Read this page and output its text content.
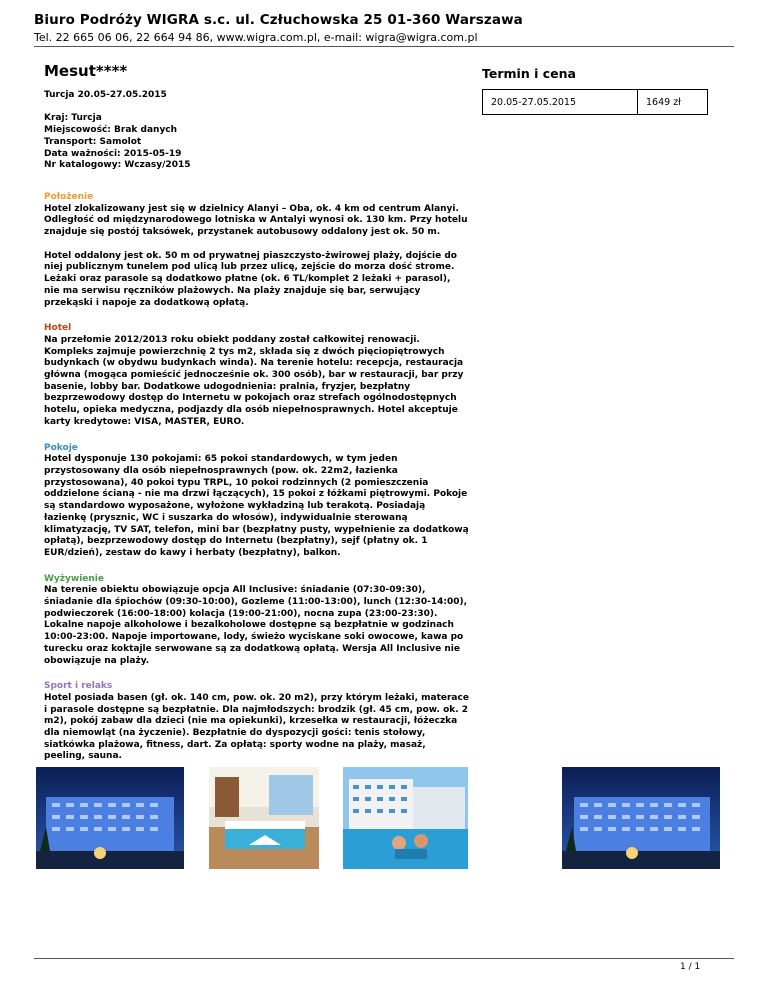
Biuro Podróży WIGRA s.c. ul. Człuchowska 25 01-360 Warszawa
Tel. 22 665 06 06, 22 664 94 86, www.wigra.com.pl, e-mail: wigra@wigra.com.pl
Mesut****
Turcja 20.05-27.05.2015
Kraj: Turcja
Miejscowość: Brak danych
Transport: Samolot
Data ważności: 2015-05-19
Nr katalogowy: Wczasy/2015
Położenie
Hotel zlokalizowany jest się w dzielnicy Alanyi – Oba, ok. 4 km od centrum Alanyi. Odległość od międzynarodowego lotniska w Antalyi wynosi ok. 130 km. Przy hotelu znajduje się postój taksówek, przystanek autobusowy oddalony jest ok. 50 m.
Hotel oddalony jest ok. 50 m od prywatnej piaszczysto-żwirowej plaży, dojście do niej publicznym tunelem pod ulicą lub przez ulicę, zejście do morza dość strome. Leżaki oraz parasole są dodatkowo płatne (ok. 6 TL/komplet 2 leżaki + parasol), nie ma serwisu ręczników plażowych. Na plaży znajduje się bar, serwujący przekąski i napoje za dodatkową opłatą.
Hotel
Na przełomie 2012/2013 roku obiekt poddany został całkowitej renowacji. Kompleks zajmuje powierzchnię 2 tys m2, składa się z dwóch pięciopiętrowych budynkach (w obydwu budynkach winda). Na terenie hotelu: recepcja, restauracja główna (mogąca pomieścić jednocześnie ok. 300 osób), bar w restauracji, bar przy basenie, lobby bar. Dodatkowe udogodnienia: pralnia, fryzjer, bezpłatny bezprzewodowy dostęp do Internetu w pokojach oraz strefach ogólnodostępnych hotelu, opieka medyczna, podjazdy dla osób niepełnosprawnych. Hotel akceptuje karty kredytowe: VISA, MASTER, EURO.
Pokoje
Hotel dysponuje 130 pokojami: 65 pokoi standardowych, w tym jeden przystosowany dla osób niepełnosprawnych (pow. ok. 22m2, łazienka przystosowana), 40 pokoi typu TRPL, 10 pokoi rodzinnych (2 pomieszczenia oddzielone ścianą - nie ma drzwi łączących), 15 pokoi z łóżkami piętrowymi. Pokoje są standardowo wyposażone, wyłożone wykładziną lub terakotą. Posiadają łazienkę (prysznic, WC i suszarka do włosów), indywidualnie sterowaną klimatyzację, TV SAT, telefon, mini bar (bezpłatny pusty, wypełnienie za dodatkową opłatą), bezprzewodowy dostęp do Internetu (bezpłatny), sejf (płatny ok. 1 EUR/dzień), zestaw do kawy i herbaty (bezpłatny), balkon.
Wyżywienie
Na terenie obiektu obowiązuje opcja All Inclusive: śniadanie (07:30-09:30), śniadanie dla śpiochów (09:30-10:00), Gozleme (11:00-13:00), lunch (12:30-14:00), podwieczorek (16:00-18:00) kolacja (19:00-21:00), nocna zupa (23:00-23:30). Lokalne napoje alkoholowe i bezalkoholowe dostępne są bezpłatnie w godzinach 10:00-23:00. Napoje importowane, lody, świeżo wyciskane soki owocowe, kawa po turecku oraz koktajle serwowane są za dodatkową opłatą. Wersja All Inclusive nie obowiązuje na plaży.
Sport i relaks
Hotel posiada basen (gł. ok. 140 cm, pow. ok. 20 m2), przy którym leżaki, materace i parasole dostępne są bezpłatnie. Dla najmłodszych: brodzik (gł. 45 cm, pow. ok. 2 m2), pokój zabaw dla dzieci (nie ma opiekunki), krzesełka w restauracji, łóżeczka dla niemowląt (na życzenie). Bezpłatnie do dyspozycji gości: tenis stołowy, siatkówka plażowa, fitness, dart. Za opłatą: sporty wodne na plaży, masaż, peeling, sauna.
Termin i cena
20.05-27.05.2015	1649 zł
1 / 1
